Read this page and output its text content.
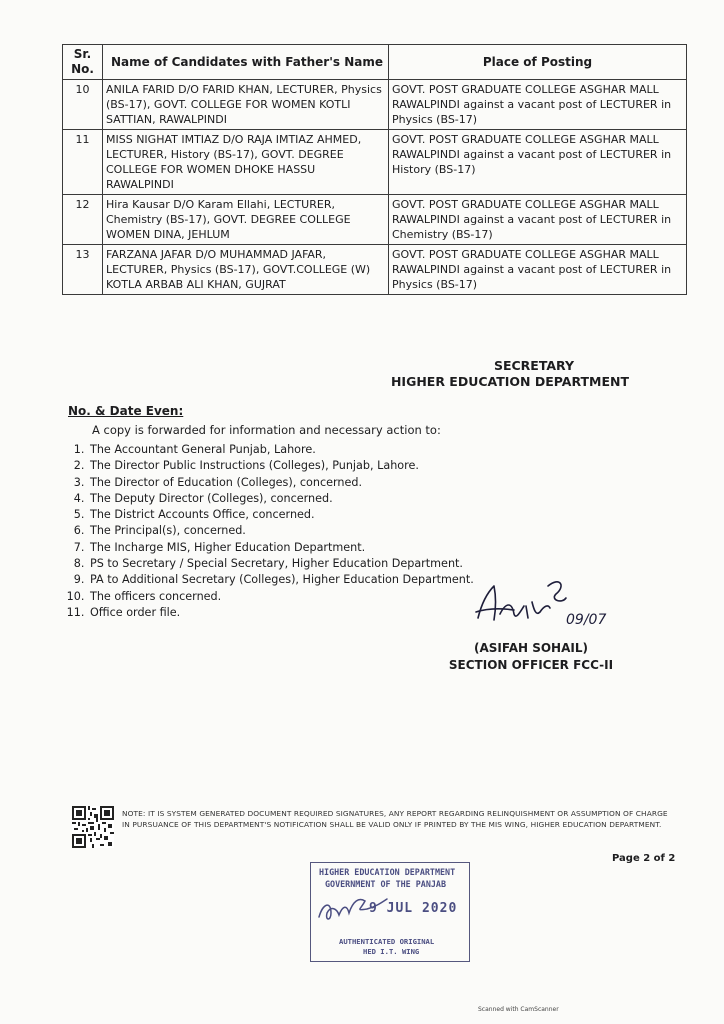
Sr. No.	Name of Candidates with Father's Name	Place of Posting
10	ANILA FARID D/O FARID KHAN, LECTURER, Physics (BS-17), GOVT. COLLEGE FOR WOMEN KOTLI SATTIAN, RAWALPINDI	GOVT. POST GRADUATE COLLEGE ASGHAR MALL RAWALPINDI against a vacant post of LECTURER in Physics (BS-17)
11	MISS NIGHAT IMTIAZ D/O RAJA IMTIAZ AHMED, LECTURER, History (BS-17), GOVT. DEGREE COLLEGE FOR WOMEN DHOKE HASSU RAWALPINDI	GOVT. POST GRADUATE COLLEGE ASGHAR MALL RAWALPINDI against a vacant post of LECTURER in History (BS-17)
12	Hira Kausar D/O Karam Ellahi, LECTURER, Chemistry (BS-17), GOVT. DEGREE COLLEGE WOMEN DINA, JEHLUM	GOVT. POST GRADUATE COLLEGE ASGHAR MALL RAWALPINDI against a vacant post of LECTURER in Chemistry (BS-17)
13	FARZANA JAFAR D/O MUHAMMAD JAFAR, LECTURER, Physics (BS-17), GOVT.COLLEGE (W) KOTLA ARBAB ALI KHAN, GUJRAT	GOVT. POST GRADUATE COLLEGE ASGHAR MALL RAWALPINDI against a vacant post of LECTURER in Physics (BS-17)
SECRETARY
HIGHER EDUCATION DEPARTMENT
No. & Date Even:
A copy is forwarded for information and necessary action to:
1. The Accountant General Punjab, Lahore.
2. The Director Public Instructions (Colleges), Punjab, Lahore.
3. The Director of Education (Colleges), concerned.
4. The Deputy Director (Colleges), concerned.
5. The District Accounts Office, concerned.
6. The Principal(s), concerned.
7. The Incharge MIS, Higher Education Department.
8. PS to Secretary / Special Secretary, Higher Education Department.
9. PA to Additional Secretary (Colleges), Higher Education Department.
10. The officers concerned.
11. Office order file.	09/07
(ASIFAH SOHAIL)
SECTION OFFICER FCC-II
NOTE: IT IS SYSTEM GENERATED DOCUMENT REQUIRED SIGNATURES, ANY REPORT REGARDING RELINQUISHMENT OR ASSUMPTION OF CHARGE IN PURSUANCE OF THIS DEPARTMENT'S NOTIFICATION SHALL BE VALID ONLY IF PRINTED BY THE MIS WING, HIGHER EDUCATION DEPARTMENT.
Page 2 of 2
HIGHER EDUCATION DEPARTMENT
GOVERNMENT OF THE PANJAB
9 JUL 2020
AUTHENTICATED ORIGINAL
HED I.T. WING
Scanned with CamScanner
